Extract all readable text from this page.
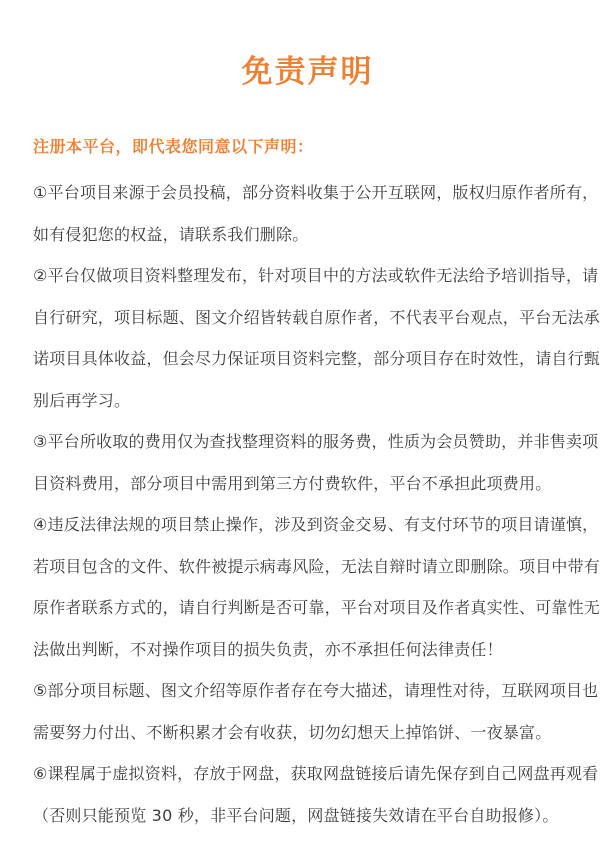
免责声明
注册本平台，即代表您同意以下声明：
①平台项目来源于会员投稿，部分资料收集于公开互联网，版权归原作者所有，
如有侵犯您的权益，请联系我们删除。
②平台仅做项目资料整理发布，针对项目中的方法或软件无法给予培训指导，请
自行研究，项目标题、图文介绍皆转载自原作者，不代表平台观点，平台无法承
诺项目具体收益，但会尽力保证项目资料完整，部分项目存在时效性，请自行甄
别后再学习。
③平台所收取的费用仅为查找整理资料的服务费，性质为会员赞助，并非售卖项
目资料费用，部分项目中需用到第三方付费软件，平台不承担此项费用。
④违反法律法规的项目禁止操作，涉及到资金交易、有支付环节的项目请谨慎，
若项目包含的文件、软件被提示病毒风险，无法自辩时请立即删除。项目中带有
原作者联系方式的，请自行判断是否可靠，平台对项目及作者真实性、可靠性无
法做出判断，不对操作项目的损失负责，亦不承担任何法律责任！
⑤部分项目标题、图文介绍等原作者存在夸大描述，请理性对待，互联网项目也
需要努力付出、不断积累才会有收获，切勿幻想天上掉馅饼、一夜暴富。
⑥课程属于虚拟资料，存放于网盘，获取网盘链接后请先保存到自己网盘再观看
（否则只能预览 30 秒，非平台问题，网盘链接失效请在平台自助报修）。
